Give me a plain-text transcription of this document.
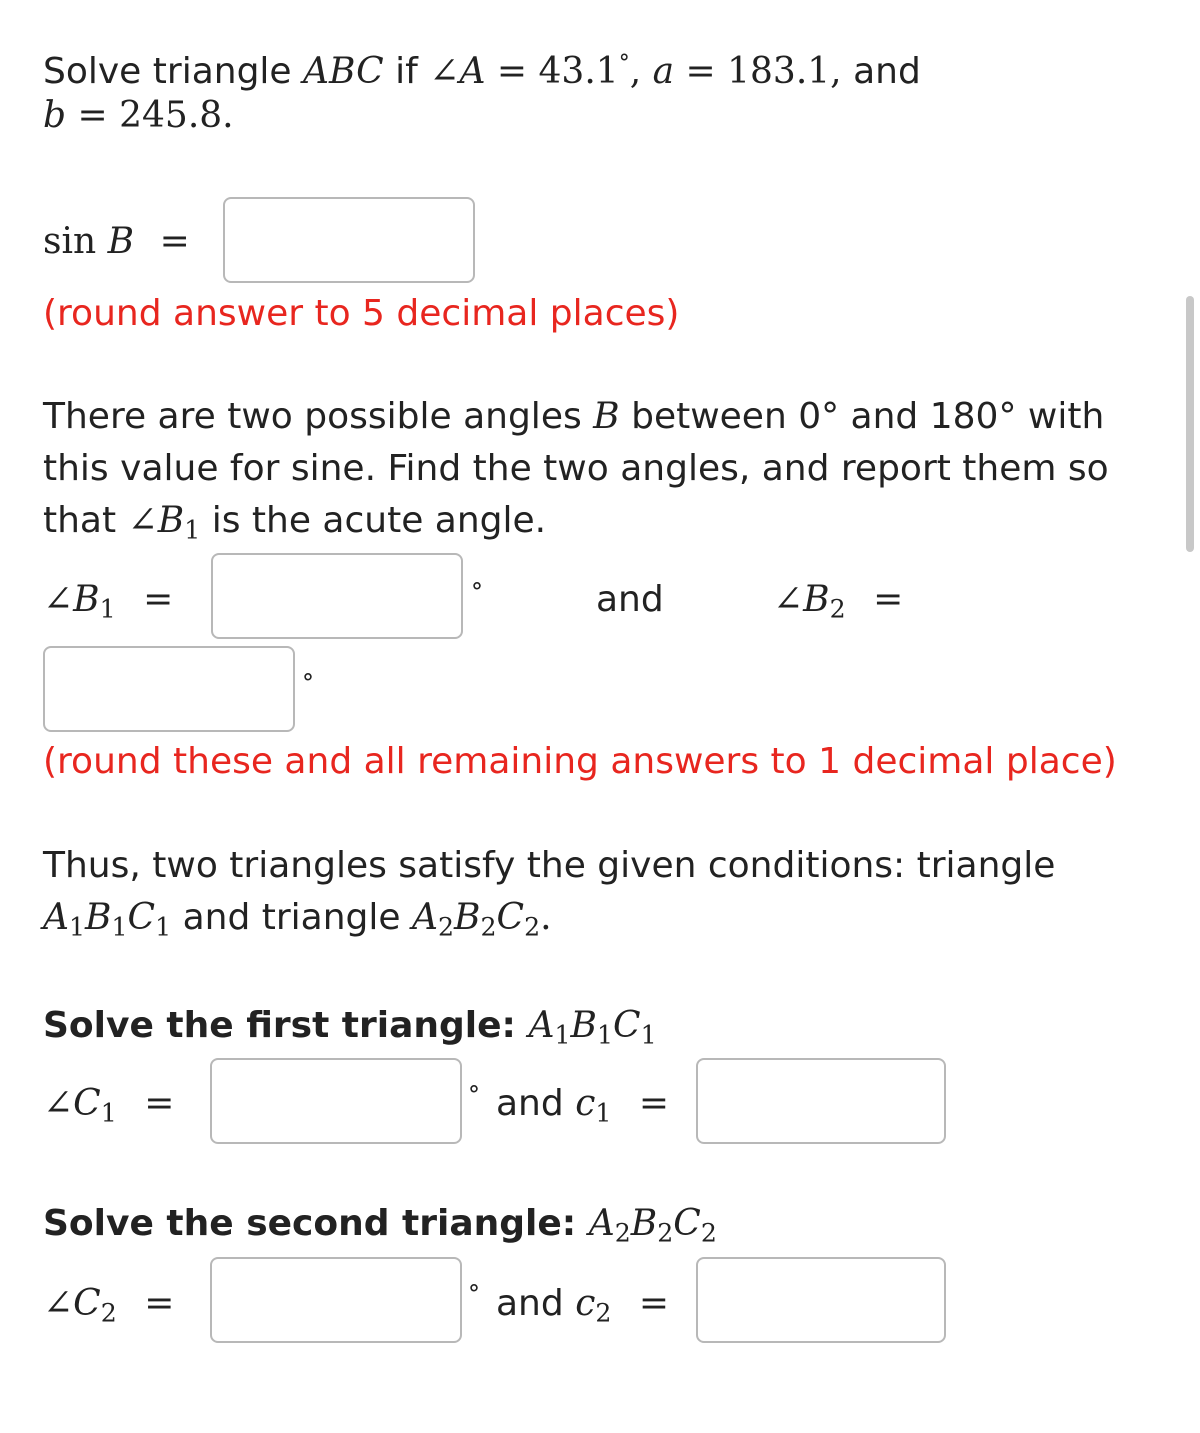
Solve triangle ABC if ∠A = 43.1°, a = 183.1, and
b = 245.8.
sin B =
(round answer to 5 decimal places)
There are two possible angles B between 0° and 180° with
this value for sine. Find the two angles, and report them so
that $\angle B_1$ is the acute angle.
$\angle B_1$ =	°	and	$\angle B_2$ =
°
(round these and all remaining answers to 1 decimal place)
Thus, two triangles satisfy the given conditions: triangle
$A_1B_1C_1$ and triangle $A_2B_2C_2$.
Solve the first triangle: $A_1B_1C_1$
$\angle C_1$ =	° and $c_1$ =
Solve the second triangle: $A_2B_2C_2$
$\angle C_2$ =	° and $c_2$ =
